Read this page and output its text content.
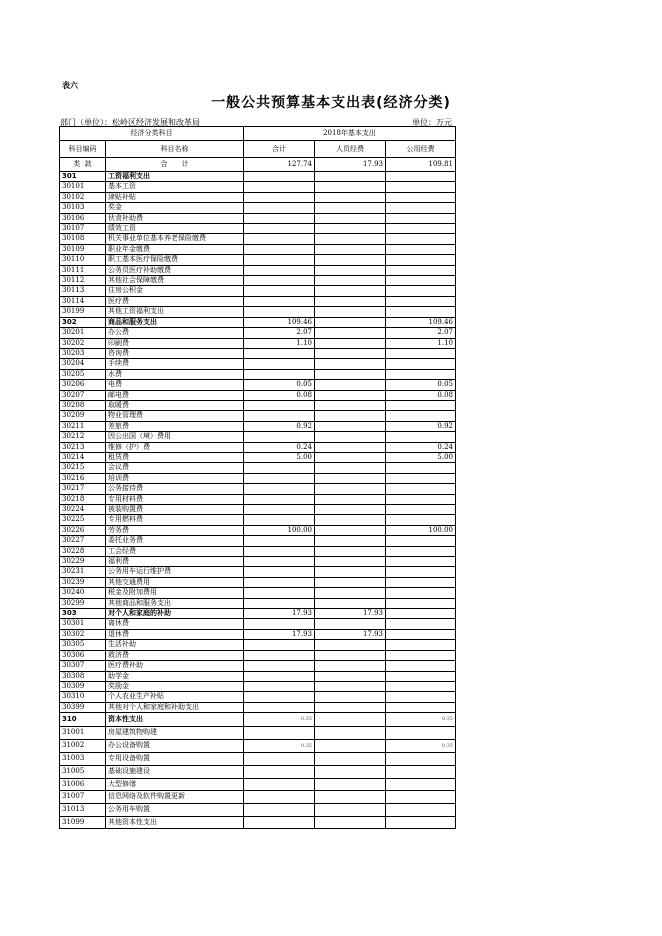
表六
一般公共预算基本支出表(经济分类)
部门（单位）：松岭区经济发展和改革局	单位：万元
经济分类科目		2018年基本支出		
科目编码	科目名称	合计	人员经费	公用经费
类 款	合　　计	127.74	17.93	109.81
301	工资福利支出			
30101	基本工资			
30102	津贴补贴			
30103	奖金			
30106	伙食补助费			
30107	绩效工资			
30108	机关事业单位基本养老保险缴费			
30109	职业年金缴费			
30110	职工基本医疗保险缴费			
30111	公务员医疗补助缴费			
30112	其他社会保障缴费			
30113	住房公积金			
30114	医疗费			
30199	其他工资福利支出			
302	商品和服务支出	109.46		109.46
30201	办公费	2.07		2.07
30202	印刷费	1.10		1.10
30203	咨询费			
30204	手续费			
30205	水费			
30206	电费	0.05		0.05
30207	邮电费	0.08		0.08
30208	取暖费			
30209	物业管理费			
30211	差旅费	0.92		0.92
30212	因公出国（境）费用			
30213	维修（护）费	0.24		0.24
30214	租赁费	5.00		5.00
30215	会议费			
30216	培训费			
30217	公务接待费			
30218	专用材料费			
30224	被装购置费			
30225	专用燃料费			
30226	劳务费	100.00		100.00
30227	委托业务费			
30228	工会经费			
30229	福利费			
30231	公务用车运行维护费			
30239	其他交通费用			
30240	税金及附加费用			
30299	其他商品和服务支出			
303	对个人和家庭的补助	17.93	17.93	
30301	离休费			
30302	退休费	17.93	17.93	
30305	生活补助			
30306	救济费			
30307	医疗费补助			
30308	助学金			
30309	奖励金			
30310	个人农业生产补贴			
30399	其他对个人和家庭和补助支出			
310	资本性支出	0.35		0.35
31001	房屋建筑物购建			
31002	办公设备购置	0.35		0.35
31003	专用设备购置			
31005	基础设施建设			
31006	大型修缮			
31007	信息网络及软件购置更新			
31013	公务用车购置			
31099	其他资本性支出			
